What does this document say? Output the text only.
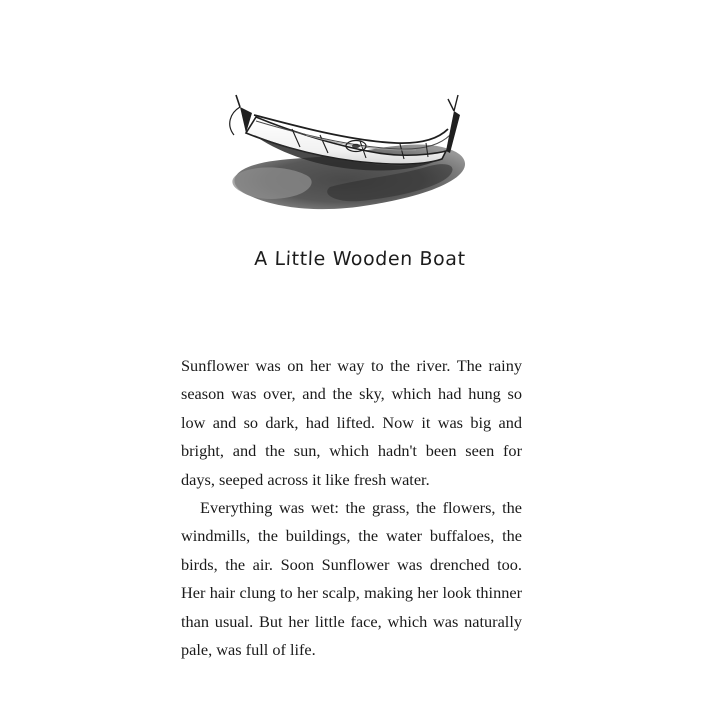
A Little Wooden Boat

Sunflower was on her way to the river. The rainy season was over, and the sky, which had hung so low and so dark, had lifted. Now it was big and bright, and the sun, which hadn't been seen for days, seeped across it like fresh water.

Everything was wet: the grass, the flowers, the windmills, the buildings, the water buffaloes, the birds, the air. Soon Sunflower was drenched too. Her hair clung to her scalp, making her look thinner than usual. But her little face, which was naturally pale, was full of life.
